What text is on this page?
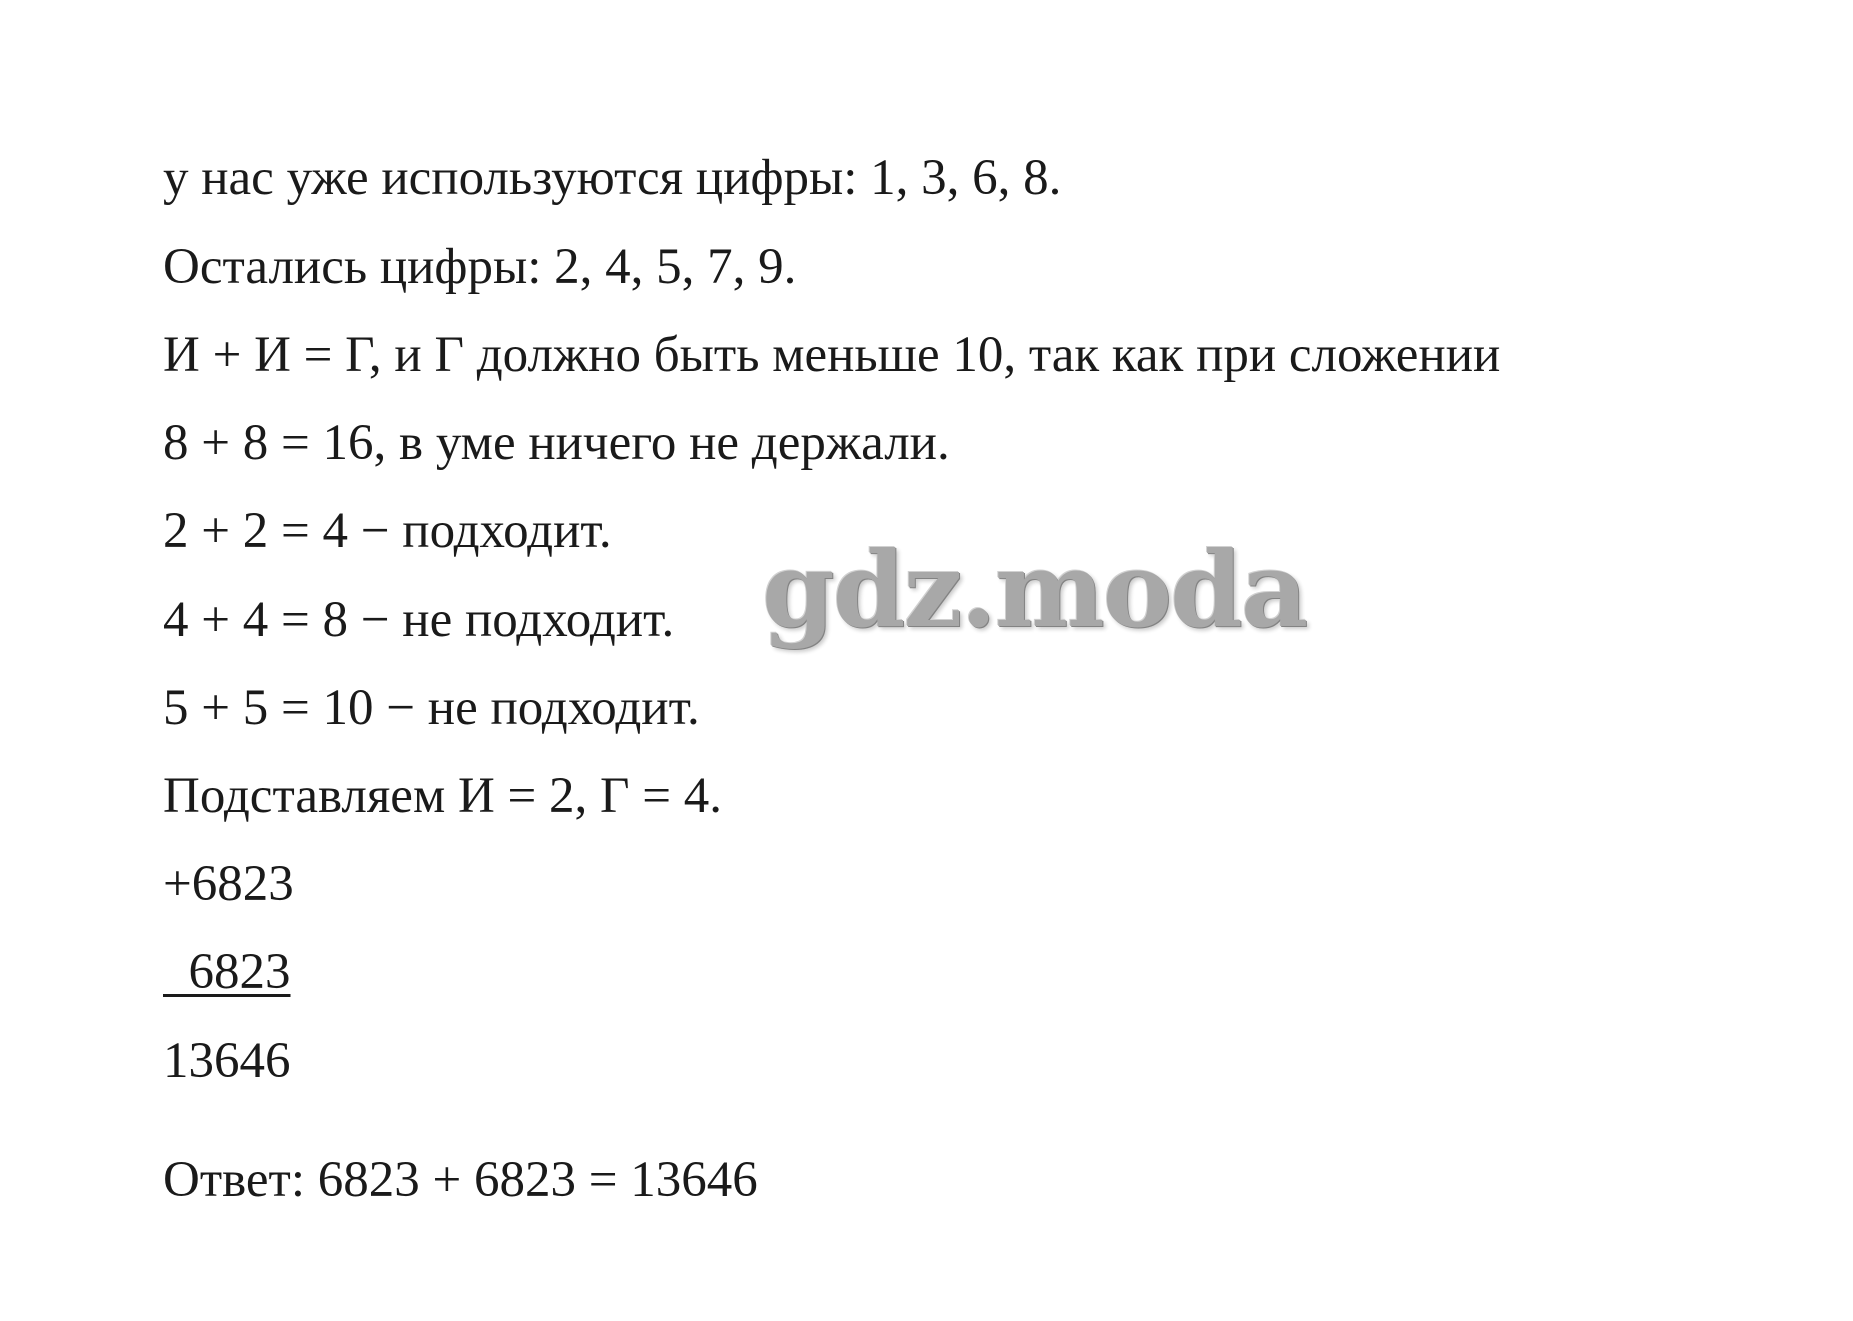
у нас уже используются цифры: 1, 3, 6, 8.
Остались цифры: 2, 4, 5, 7, 9.
И + И = Г, и Г должно быть меньше 10, так как при сложении
8 + 8 = 16, в уме ничего не держали.
2 + 2 = 4 − подходит.
4 + 4 = 8 − не подходит.
5 + 5 = 10 − не подходит.
Подставляем И = 2, Г = 4.
+6823
6823
13646
Ответ: 6823 + 6823 = 13646
gdz.moda
